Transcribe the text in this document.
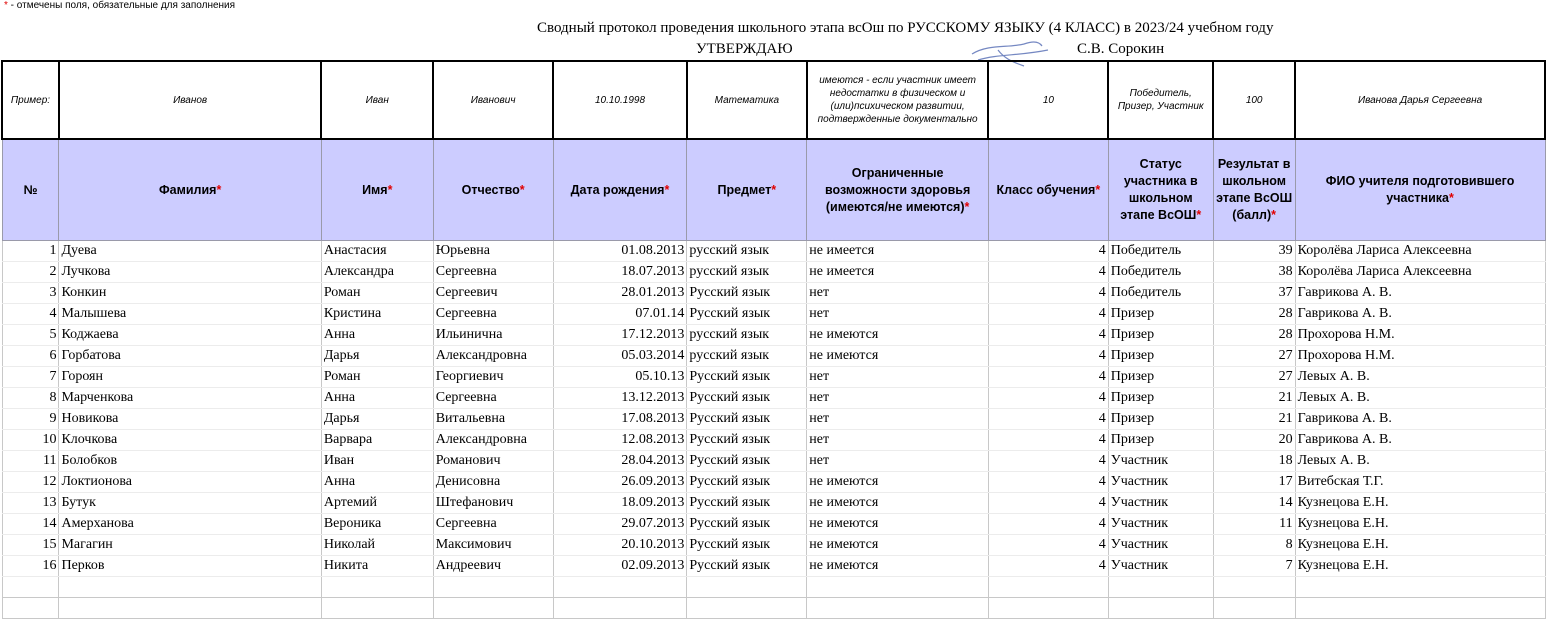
* - отмечены поля, обязательные для заполнения
Сводный протокол проведения школьного этапа всОш по РУССКОМУ ЯЗЫКУ (4 КЛАСС) в 2023/24 учебном году
УТВЕРЖДАЮ	С.В. Сорокин
Пример:	Иванов	Иван	Иванович	10.10.1998	Математика	имеются - если участник имеет недостатки в физическом и (или)психическом развитии, подтвержденные документально	10	Победитель, Призер, Участник	100	Иванова Дарья Сергеевна
№	Фамилия*	Имя*	Отчество*	Дата рождения*	Предмет*	Ограниченные возможности здоровья (имеются/не имеются)*	Класс обучения*	Статус участника в школьном этапе ВсОШ*	Результат в школьном этапе ВсОШ (балл)*	ФИО учителя подготовившего участника*
1	Дуева	Анастасия	Юрьевна	01.08.2013	русский язык	не имеется	4	Победитель	39	Королёва Лариса Алексеевна
2	Лучкова	Александра	Сергеевна	18.07.2013	русский язык	не имеется	4	Победитель	38	Королёва Лариса Алексеевна
3	Конкин	Роман	Сергеевич	28.01.2013	Русский язык	нет	4	Победитель	37	Гаврикова А. В.
4	Малышева	Кристина	Сергеевна	07.01.14	Русский язык	нет	4	Призер	28	Гаврикова А. В.
5	Коджаева	Анна	Ильинична	17.12.2013	русский язык	не имеются	4	Призер	28	Прохорова Н.М.
6	Горбатова	Дарья	Александровна	05.03.2014	русский язык	не имеются	4	Призер	27	Прохорова Н.М.
7	Гороян	Роман	Георгиевич	05.10.13	Русский язык	нет	4	Призер	27	Левых А. В.
8	Марченкова	Анна	Сергеевна	13.12.2013	Русский язык	нет	4	Призер	21	Левых А. В.
9	Новикова	Дарья	Витальевна	17.08.2013	Русский язык	нет	4	Призер	21	Гаврикова А. В.
10	Клочкова	Варвара	Александровна	12.08.2013	Русский язык	нет	4	Призер	20	Гаврикова А. В.
11	Болобков	Иван	Романович	28.04.2013	Русский язык	нет	4	Участник	18	Левых А. В.
12	Локтионова	Анна	Денисовна	26.09.2013	Русский язык	не имеются	4	Участник	17	Витебская Т.Г.
13	Бутук	Артемий	Штефанович	18.09.2013	Русский язык	не имеются	4	Участник	14	Кузнецова Е.Н.
14	Амерханова	Вероника	Сергеевна	29.07.2013	Русский язык	не имеются	4	Участник	11	Кузнецова Е.Н.
15	Магагин	Николай	Максимович	20.10.2013	Русский язык	не имеются	4	Участник	8	Кузнецова Е.Н.
16	Перков	Никита	Андреевич	02.09.2013	Русский язык	не имеются	4	Участник	7	Кузнецова Е.Н.
